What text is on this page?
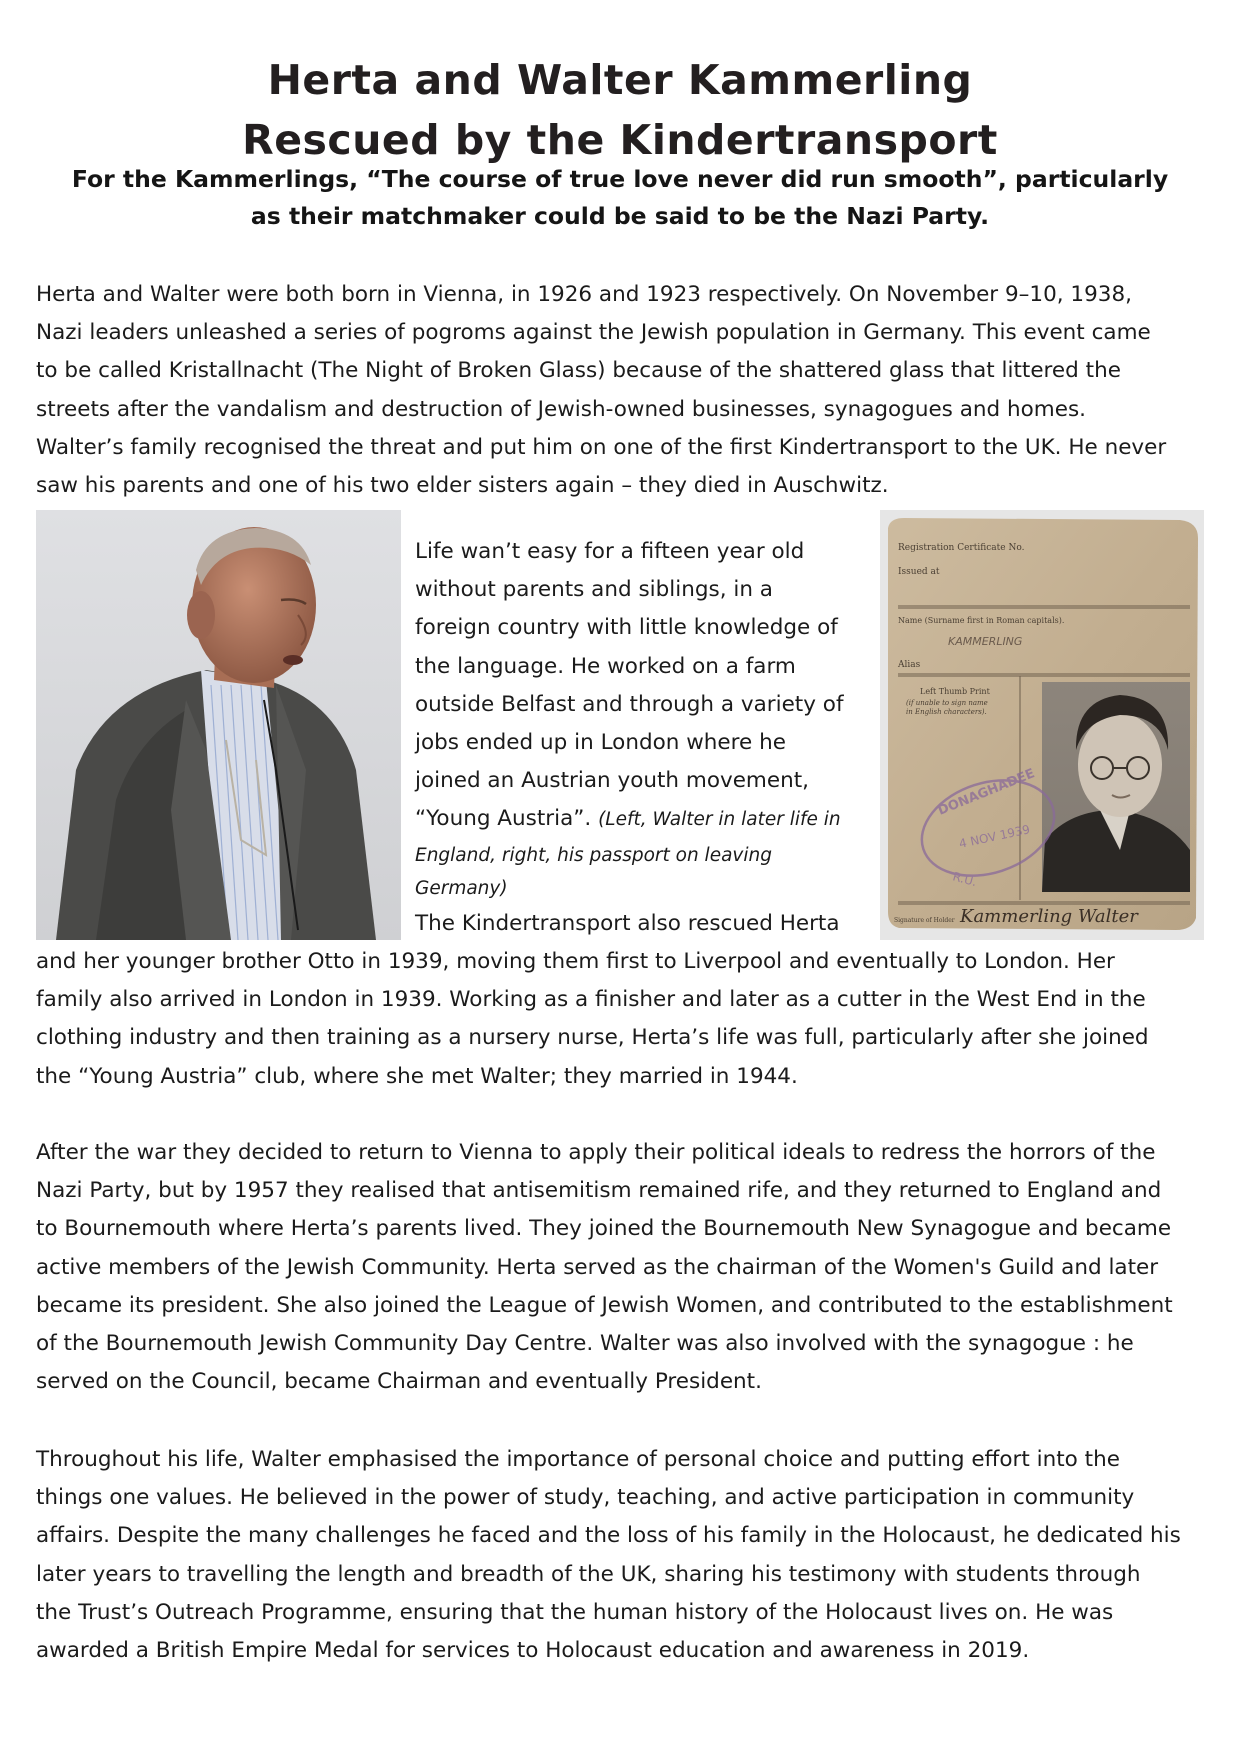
Herta and Walter Kammerling
Rescued by the Kindertransport
For the Kammerlings, “The course of true love never did run smooth”, particularly
as their matchmaker could be said to be the Nazi Party.
Herta and Walter were both born in Vienna, in 1926 and 1923 respectively. On November 9–10, 1938,
Nazi leaders unleashed a series of pogroms against the Jewish population in Germany. This event came
to be called Kristallnacht (The Night of Broken Glass) because of the shattered glass that littered the
streets after the vandalism and destruction of Jewish-owned businesses, synagogues and homes.
Walter’s family recognised the threat and put him on one of the first Kindertransport to the UK. He never
saw his parents and one of his two elder sisters again – they died in Auschwitz.
Life wan’t easy for a fifteen year old
without parents and siblings, in a
foreign country with little knowledge of
the language. He worked on a farm
outside Belfast and through a variety of
jobs ended up in London where he
joined an Austrian youth movement,
“Young Austria”. (Left, Walter in later life in
England, right, his passport on leaving
Germany)
The Kindertransport also rescued Herta
Registration Certificate No.
Issued at
Name (Surname first in Roman capitals).
Alias
Left Thumb Print
(if unable to sign name
in English characters).
KAMMERLING
DONAGHADEE
4 NOV 1939
R.U.
Signature of Holder Kammerling Walter
and her younger brother Otto in 1939, moving them first to Liverpool and eventually to London. Her
family also arrived in London in 1939. Working as a finisher and later as a cutter in the West End in the
clothing industry and then training as a nursery nurse, Herta’s life was full, particularly after she joined
the “Young Austria” club, where she met Walter; they married in 1944.
After the war they decided to return to Vienna to apply their political ideals to redress the horrors of the
Nazi Party, but by 1957 they realised that antisemitism remained rife, and they returned to England and
to Bournemouth where Herta’s parents lived. They joined the Bournemouth New Synagogue and became
active members of the Jewish Community. Herta served as the chairman of the Women's Guild and later
became its president. She also joined the League of Jewish Women, and contributed to the establishment
of the Bournemouth Jewish Community Day Centre. Walter was also involved with the synagogue : he
served on the Council, became Chairman and eventually President.
Throughout his life, Walter emphasised the importance of personal choice and putting effort into the
things one values. He believed in the power of study, teaching, and active participation in community
affairs. Despite the many challenges he faced and the loss of his family in the Holocaust, he dedicated his
later years to travelling the length and breadth of the UK, sharing his testimony with students through
the Trust’s Outreach Programme, ensuring that the human history of the Holocaust lives on. He was
awarded a British Empire Medal for services to Holocaust education and awareness in 2019.
